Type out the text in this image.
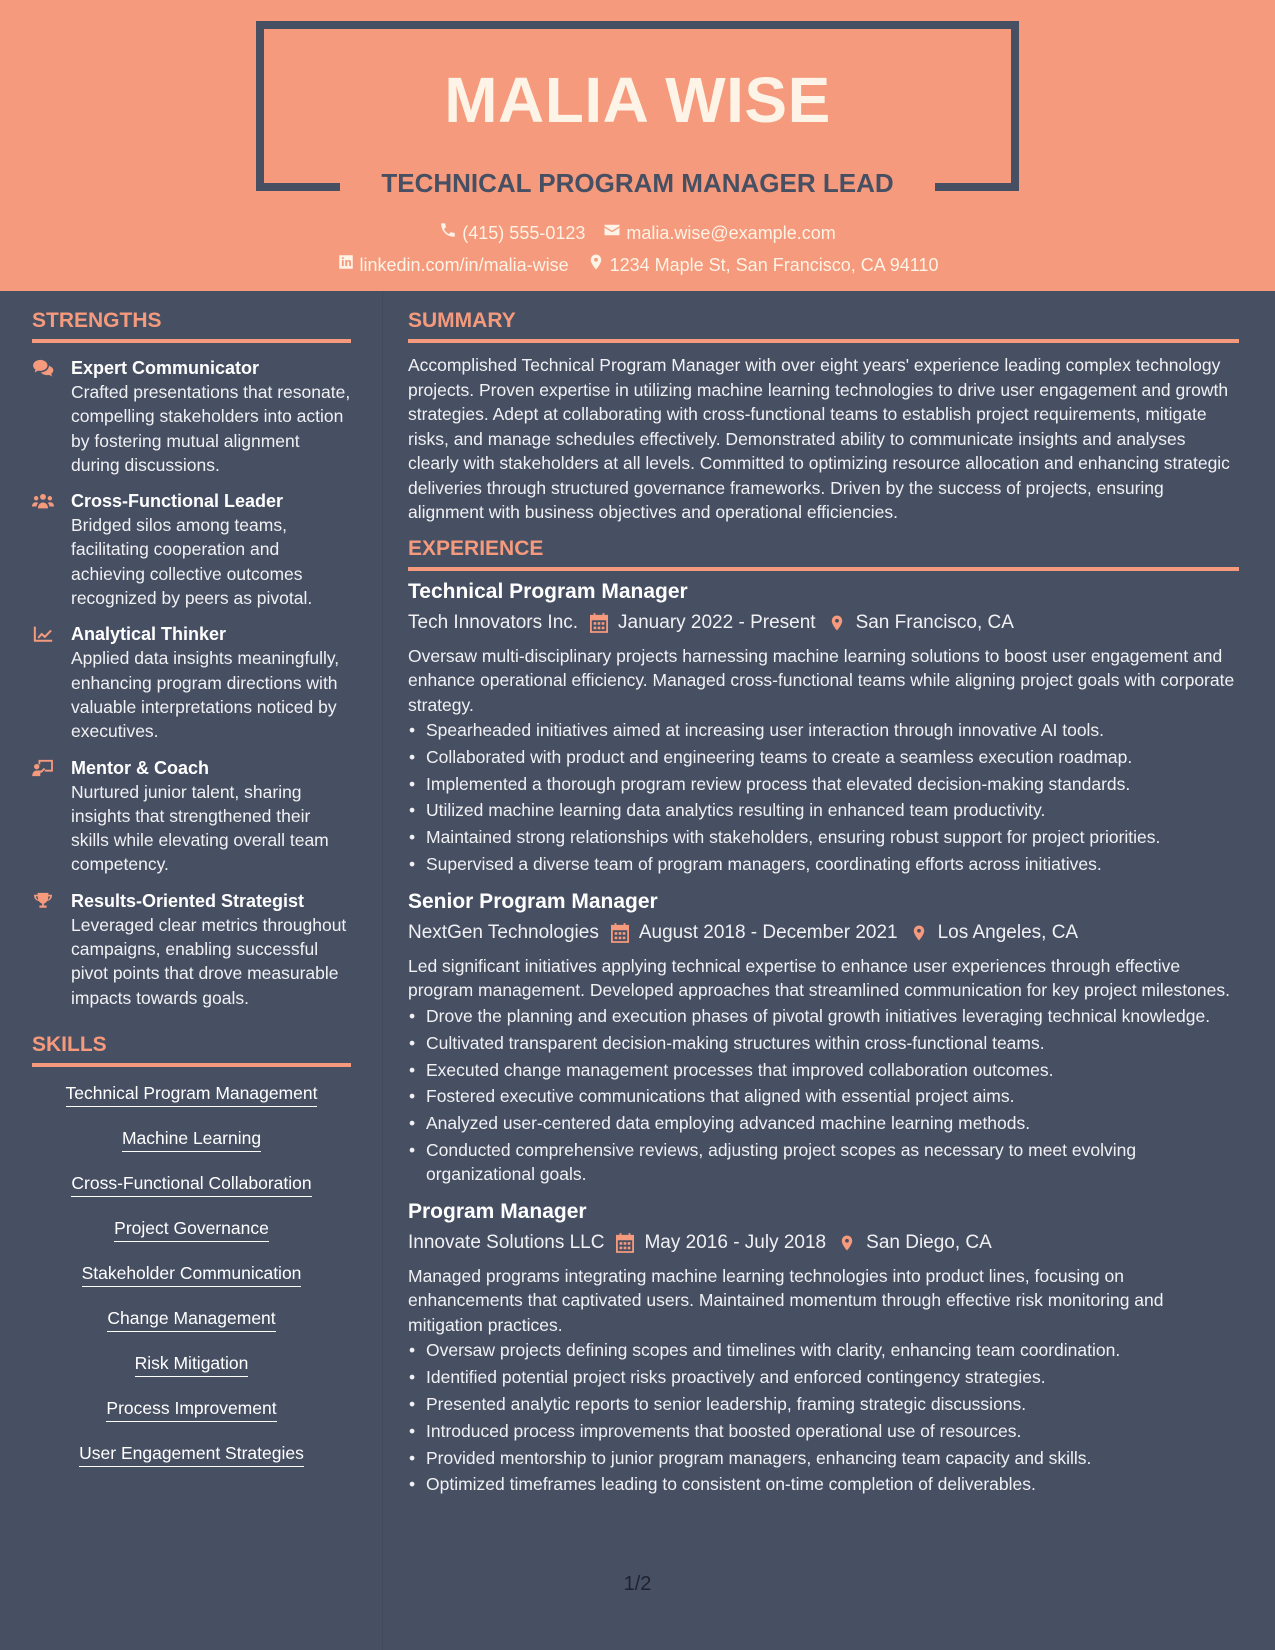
MALIA WISE
TECHNICAL PROGRAM MANAGER LEAD
(415) 555-0123 malia.wise@example.com
linkedin.com/in/malia-wise 1234 Maple St, San Francisco, CA 94110
STRENGTHS
Expert Communicator
Crafted presentations that resonate, compelling stakeholders into action by fostering mutual alignment during discussions.
Cross-Functional Leader
Bridged silos among teams, facilitating cooperation and achieving collective outcomes recognized by peers as pivotal.
Analytical Thinker
Applied data insights meaningfully, enhancing program directions with valuable interpretations noticed by executives.
Mentor & Coach
Nurtured junior talent, sharing insights that strengthened their skills while elevating overall team competency.
Results-Oriented Strategist
Leveraged clear metrics throughout campaigns, enabling successful pivot points that drove measurable impacts towards goals.
SKILLS
Technical Program Management
Machine Learning
Cross-Functional Collaboration
Project Governance
Stakeholder Communication
Change Management
Risk Mitigation
Process Improvement
User Engagement Strategies
SUMMARY
Accomplished Technical Program Manager with over eight years' experience leading complex technology projects. Proven expertise in utilizing machine learning technologies to drive user engagement and growth strategies. Adept at collaborating with cross-functional teams to establish project requirements, mitigate risks, and manage schedules effectively. Demonstrated ability to communicate insights and analyses clearly with stakeholders at all levels. Committed to optimizing resource allocation and enhancing strategic deliveries through structured governance frameworks. Driven by the success of projects, ensuring alignment with business objectives and operational efficiencies.
EXPERIENCE
Technical Program Manager
Tech Innovators Inc. January 2022 - Present San Francisco, CA
Oversaw multi-disciplinary projects harnessing machine learning solutions to boost user engagement and enhance operational efficiency. Managed cross-functional teams while aligning project goals with corporate strategy.
• Spearheaded initiatives aimed at increasing user interaction through innovative AI tools.
• Collaborated with product and engineering teams to create a seamless execution roadmap.
• Implemented a thorough program review process that elevated decision-making standards.
• Utilized machine learning data analytics resulting in enhanced team productivity.
• Maintained strong relationships with stakeholders, ensuring robust support for project priorities.
• Supervised a diverse team of program managers, coordinating efforts across initiatives.
Senior Program Manager
NextGen Technologies August 2018 - December 2021 Los Angeles, CA
Led significant initiatives applying technical expertise to enhance user experiences through effective program management. Developed approaches that streamlined communication for key project milestones.
• Drove the planning and execution phases of pivotal growth initiatives leveraging technical knowledge.
• Cultivated transparent decision-making structures within cross-functional teams.
• Executed change management processes that improved collaboration outcomes.
• Fostered executive communications that aligned with essential project aims.
• Analyzed user-centered data employing advanced machine learning methods.
• Conducted comprehensive reviews, adjusting project scopes as necessary to meet evolving organizational goals.
Program Manager
Innovate Solutions LLC May 2016 - July 2018 San Diego, CA
Managed programs integrating machine learning technologies into product lines, focusing on enhancements that captivated users. Maintained momentum through effective risk monitoring and mitigation practices.
• Oversaw projects defining scopes and timelines with clarity, enhancing team coordination.
• Identified potential project risks proactively and enforced contingency strategies.
• Presented analytic reports to senior leadership, framing strategic discussions.
• Introduced process improvements that boosted operational use of resources.
• Provided mentorship to junior program managers, enhancing team capacity and skills.
• Optimized timeframes leading to consistent on-time completion of deliverables.
1/2
